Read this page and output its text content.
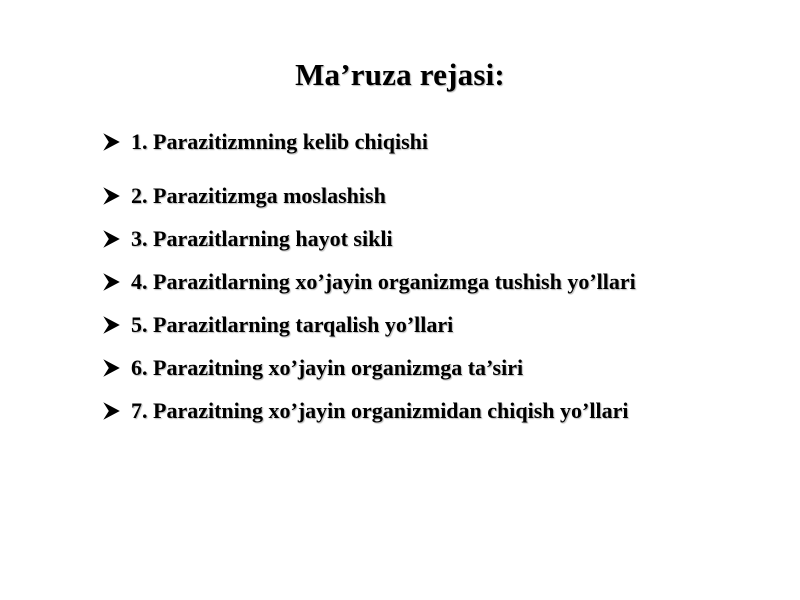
Ma’ruza rejasi:
1. Parazitizmning kelib chiqishi
2. Parazitizmga moslashish
3. Parazitlarning hayot sikli
4. Parazitlarning xo’jayin organizmga tushish yo’llari
5. Parazitlarning tarqalish yo’llari
6. Parazitning xo’jayin organizmga ta’siri
7. Parazitning xo’jayin organizmidan chiqish yo’llari
